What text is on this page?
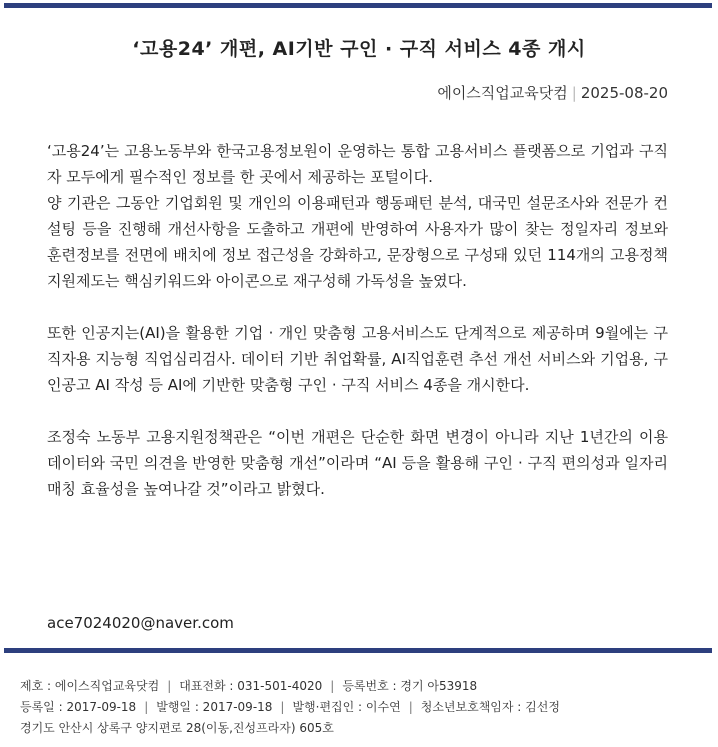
‘고용24’ 개편, AI기반 구인 · 구직 서비스 4종 개시
에이스직업교육닷컴 | 2025-08-20

‘고용24’는 고용노동부와 한국고용정보원이 운영하는 통합 고용서비스 플랫폼으로 기업과 구직자 모두에게 필수적인 정보를 한 곳에서 제공하는 포털이다.

양 기관은 그동안 기업회원 및 개인의 이용패턴과 행동패턴 분석, 대국민 설문조사와 전문가 컨설팅 등을 진행해 개선사항을 도출하고 개편에 반영하여 사용자가 많이 찾는 정일자리 정보와 훈련정보를 전면에 배치에 정보 접근성을 강화하고, 문장형으로 구성돼 있던 114개의 고용정책 지원제도는 핵심키워드와 아이콘으로 재구성해 가독성을 높였다.

또한 인공지는(AI)을 활용한 기업 · 개인 맞춤형 고용서비스도 단계적으로 제공하며 9월에는 구직자용 지능형 직업심리검사. 데이터 기반 취업확률, AI직업훈련 추선 개선 서비스와 기업용, 구인공고 AI 작성 등 AI에 기반한 맞춤형 구인 · 구직 서비스 4종을 개시한다.

조정숙 노동부 고용지원정책관은 “이번 개편은 단순한 화면 변경이 아니라 지난 1년간의 이용 데이터와 국민 의견을 반영한 맞춤형 개선”이라며 “AI 등을 활용해 구인 · 구직 편의성과 일자리 매칭 효율성을 높여나갈 것”이라고 밝혔다.

ace7024020@naver.com
제호 : 에이스직업교육닷컴 | 대표전화 : 031-501-4020 | 등록번호 : 경기 아53918
등록일 : 2017-09-18 | 발행일 : 2017-09-18 | 발행·편집인 : 이수연 | 청소년보호책임자 : 김선정
경기도 안산시 상록구 양지편로 28(이동,진성프라자) 605호
